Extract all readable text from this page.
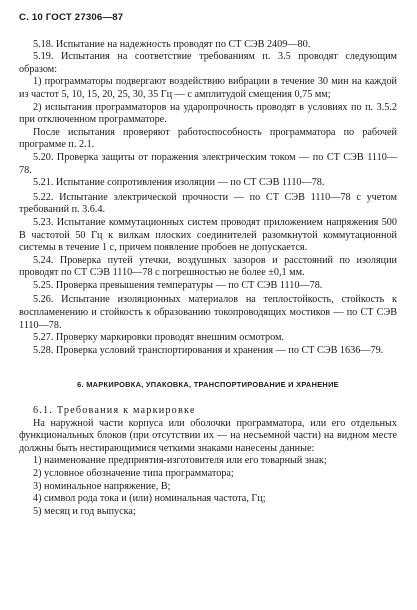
С. 10 ГОСТ 27306—87

5.18. Испытание на надежность проводят по СТ СЭВ 2409—80.

5.19. Испытания на соответствие требованиям п. 3.5 проводят следующим образом:

1) программаторы подвергают воздействию вибрации в течение 30 мин на каждой из частот 5, 10, 15, 20, 25, 30, 35 Гц — с амплитудой смещения 0,75 мм;

2) испытания программаторов на ударопрочность проводят в условиях по п. 3.5.2 при отключенном программаторе.

После испытания проверяют работоспособность программатора по рабочей программе п. 2.1.

5.20. Проверка защиты от поражения электрическим током — по СТ СЭВ 1110—78.

5.21. Испытание сопротивления изоляции — по СТ СЭВ 1110—78.

5.22. Испытание электрической прочности — по СТ СЭВ 1110—78 с учетом требований п. 3.6.4.

5.23. Испытание коммутационных систем проводят приложением напряжения 500 В частотой 50 Гц к вилкам плоских соединителей разомкнутой коммутационной системы в течение 1 с, причем появление пробоев не допускается.

5.24. Проверка путей утечки, воздушных зазоров и расстояний по изоляции проводят по СТ СЭВ 1110—78 с погрешностью не более ±0,1 мм.

5.25. Проверка превышения температуры — по СТ СЭВ 1110—78.

5.26. Испытание изоляционных материалов на теплостойкость, стойкость к воспламенению и стойкость к образованию токопроводящих мостиков — по СТ СЭВ 1110—78.

5.27. Проверку маркировки проводят внешним осмотром.

5.28. Проверка условий транспортирования и хранения — по СТ СЭВ 1636—79.

6. МАРКИРОВКА, УПАКОВКА, ТРАНСПОРТИРОВАНИЕ И ХРАНЕНИЕ

6.1. Требования к маркировке

На наружной части корпуса или оболочки программатора, или его отдельных функциональных блоков (при отсутствии их — на несъемной части) на видном месте должны быть нестирающимися четкими знаками нанесены данные:

1) наименование предприятия-изготовителя или его товарный знак;

2) условное обозначение типа программатора;

3) номинальное напряжение, В;

4) символ рода тока и (или) номинальная частота, Гц;

5) месяц и год выпуска;
